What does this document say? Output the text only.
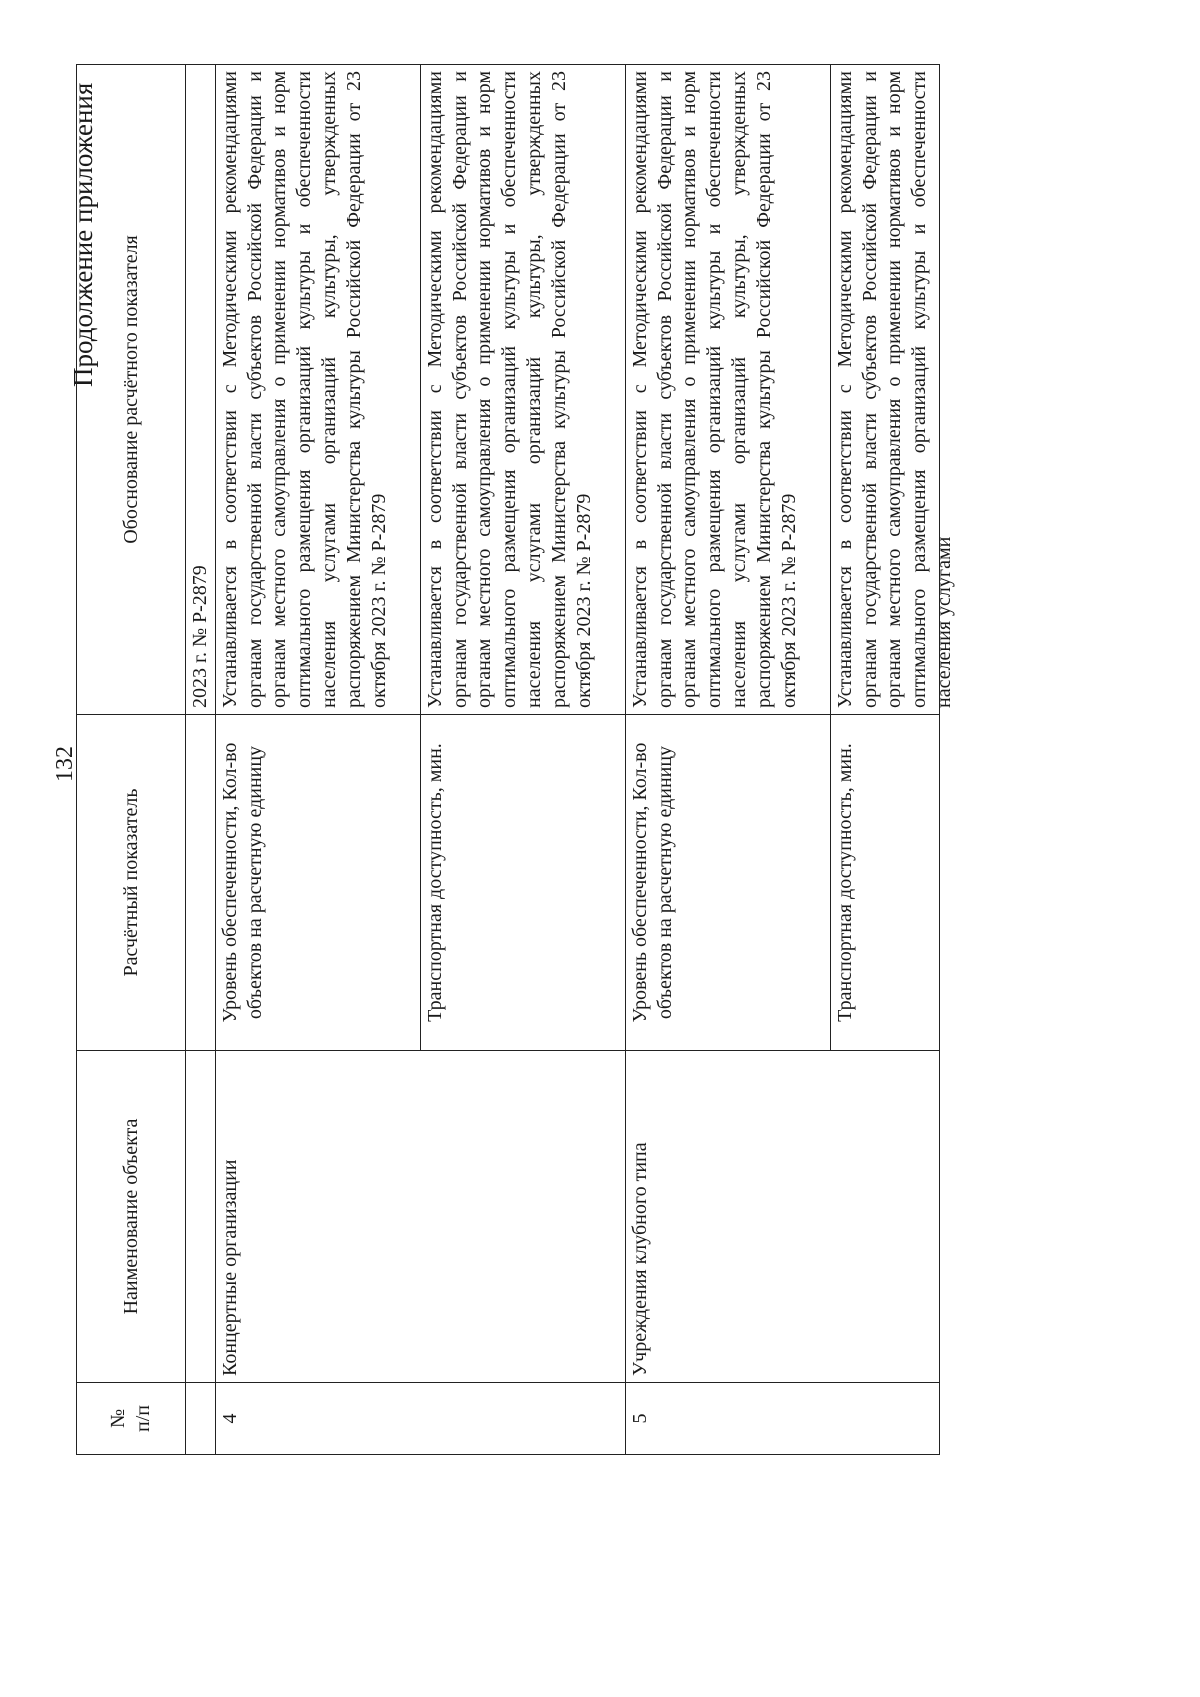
132
Продолжение приложения
№
п/п	Наименование объекта	Расчётный показатель	Обоснование расчётного показателя
			2023 г. № Р-2879
4	Концертные организации	Уровень обеспеченности, Кол-во объектов на расчетную единицу	Устанавливается в соответствии с Методическими рекомендациями органам государственной власти субъектов Российской Федерации и органам местного самоуправления о применении нормативов и норм оптимального размещения организаций культуры и обеспеченности населения услугами организаций культуры, утвержденных распоряжением Министерства культуры Российской Федерации от 23 октября 2023 г. № Р-2879
		Транспортная доступность, мин.	Устанавливается в соответствии с Методическими рекомендациями органам государственной власти субъектов Российской Федерации и органам местного самоуправления о применении нормативов и норм оптимального размещения организаций культуры и обеспеченности населения услугами организаций культуры, утвержденных распоряжением Министерства культуры Российской Федерации от 23 октября 2023 г. № Р-2879
5	Учреждения клубного типа	Уровень обеспеченности, Кол-во объектов на расчетную единицу	Устанавливается в соответствии с Методическими рекомендациями органам государственной власти субъектов Российской Федерации и органам местного самоуправления о применении нормативов и норм оптимального размещения организаций культуры и обеспеченности населения услугами организаций культуры, утвержденных распоряжением Министерства культуры Российской Федерации от 23 октября 2023 г. № Р-2879
		Транспортная доступность, мин.	Устанавливается в соответствии с Методическими рекомендациями органам государственной власти субъектов Российской Федерации и органам местного самоуправления о применении нормативов и норм оптимального размещения организаций культуры и обеспеченности населения услугами
